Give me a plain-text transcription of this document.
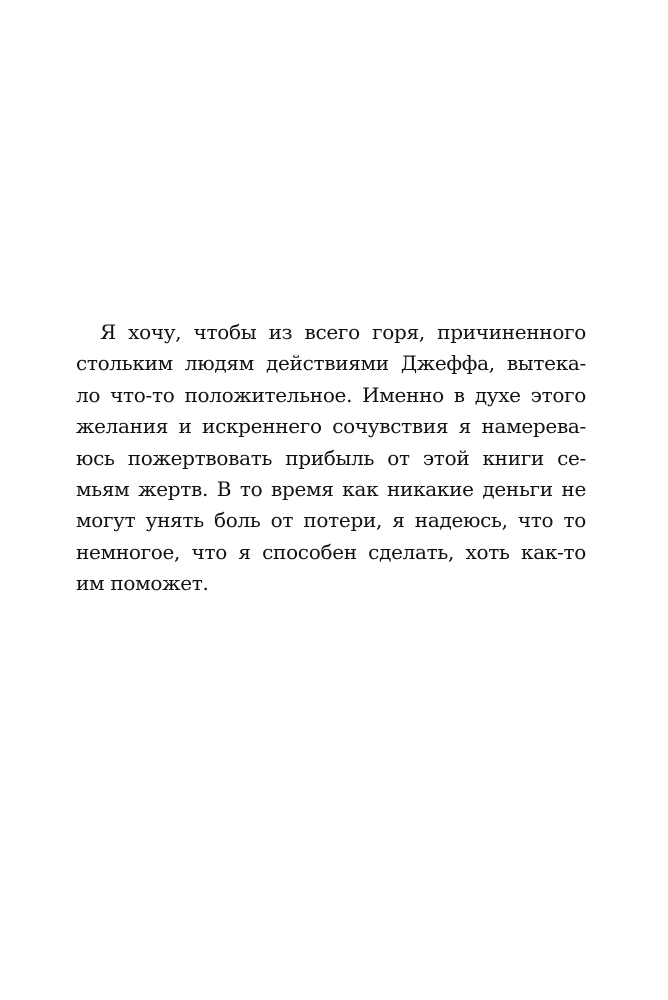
Я хочу, чтобы из всего горя, причиненного
стольким людям действиями Джеффа, вытека-
ло что-то положительное. Именно в духе этого
желания и искреннего сочувствия я намерева-
юсь пожертвовать прибыль от этой книги се-
мьям жертв. В то время как никакие деньги не
могут унять боль от потери, я надеюсь, что то
немногое, что я способен сделать, хоть как-то
им поможет.
